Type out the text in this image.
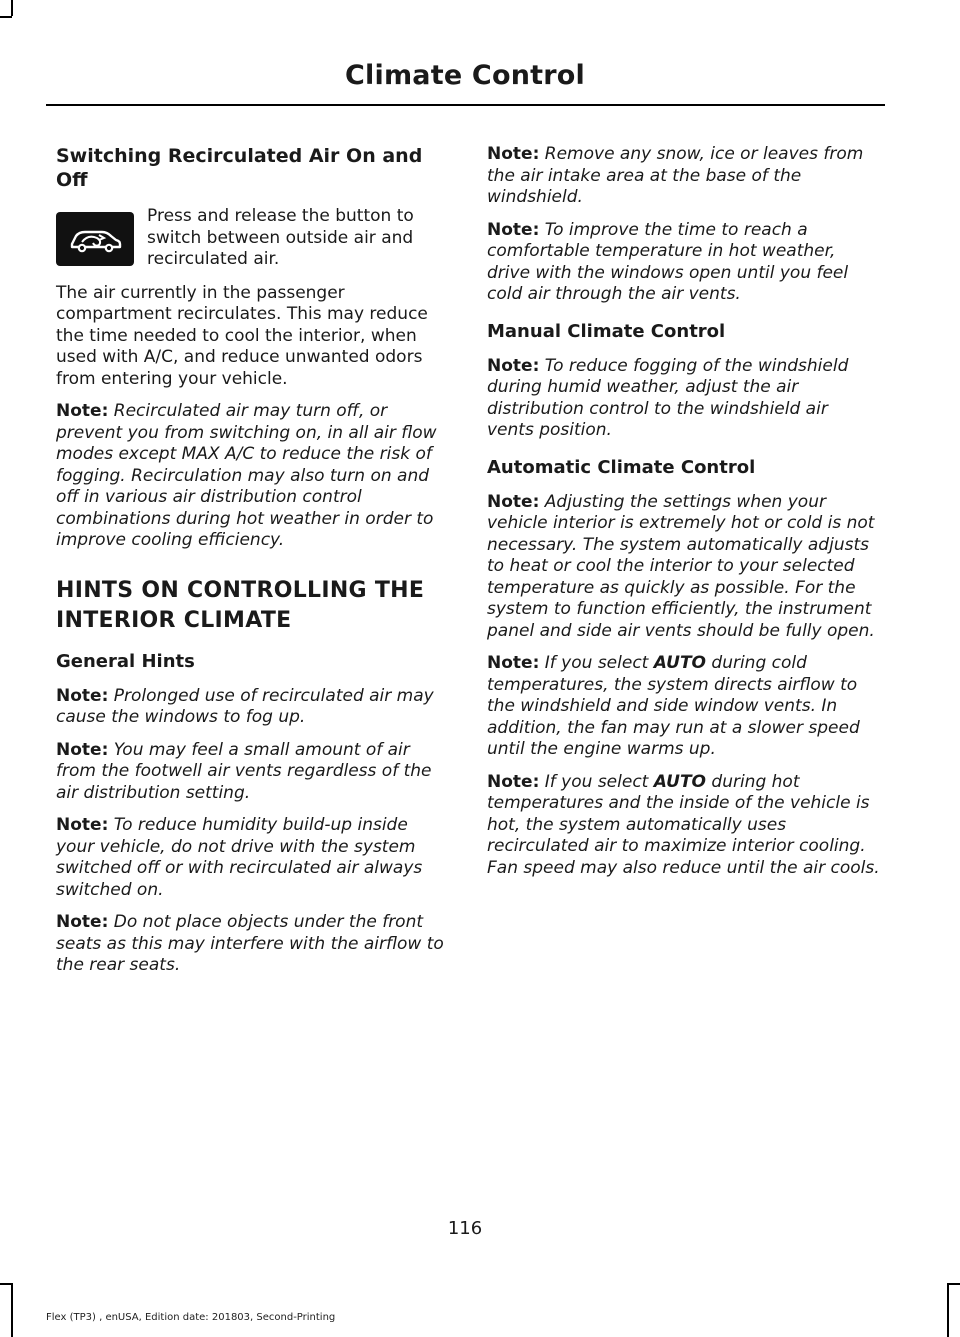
Climate Control
Switching Recirculated Air On and Off

Press and release the button to switch between outside air and recirculated air.

The air currently in the passenger compartment recirculates. This may reduce the time needed to cool the interior, when used with A/C, and reduce unwanted odors from entering your vehicle.

Note: Recirculated air may turn off, or prevent you from switching on, in all air flow modes except MAX A/C to reduce the risk of fogging. Recirculation may also turn on and off in various air distribution control combinations during hot weather in order to improve cooling efficiency.

HINTS ON CONTROLLING THE
INTERIOR CLIMATE
General Hints

Note: Prolonged use of recirculated air may cause the windows to fog up.

Note: You may feel a small amount of air from the footwell air vents regardless of the air distribution setting.

Note: To reduce humidity build-up inside your vehicle, do not drive with the system switched off or with recirculated air always switched on.

Note: Do not place objects under the front seats as this may interfere with the airflow to the rear seats.

Note: Remove any snow, ice or leaves from the air intake area at the base of the windshield.

Note: To improve the time to reach a comfortable temperature in hot weather, drive with the windows open until you feel cold air through the air vents.

Manual Climate Control

Note: To reduce fogging of the windshield during humid weather, adjust the air distribution control to the windshield air vents position.

Automatic Climate Control

Note: Adjusting the settings when your vehicle interior is extremely hot or cold is not necessary. The system automatically adjusts to heat or cool the interior to your selected temperature as quickly as possible. For the system to function efficiently, the instrument panel and side air vents should be fully open.

Note: If you select AUTO during cold temperatures, the system directs airflow to the windshield and side window vents. In addition, the fan may run at a slower speed until the engine warms up.

Note: If you select AUTO during hot temperatures and the inside of the vehicle is hot, the system automatically uses recirculated air to maximize interior cooling. Fan speed may also reduce until the air cools.

116
Flex (TP3) , enUSA, Edition date: 201803, Second-Printing
